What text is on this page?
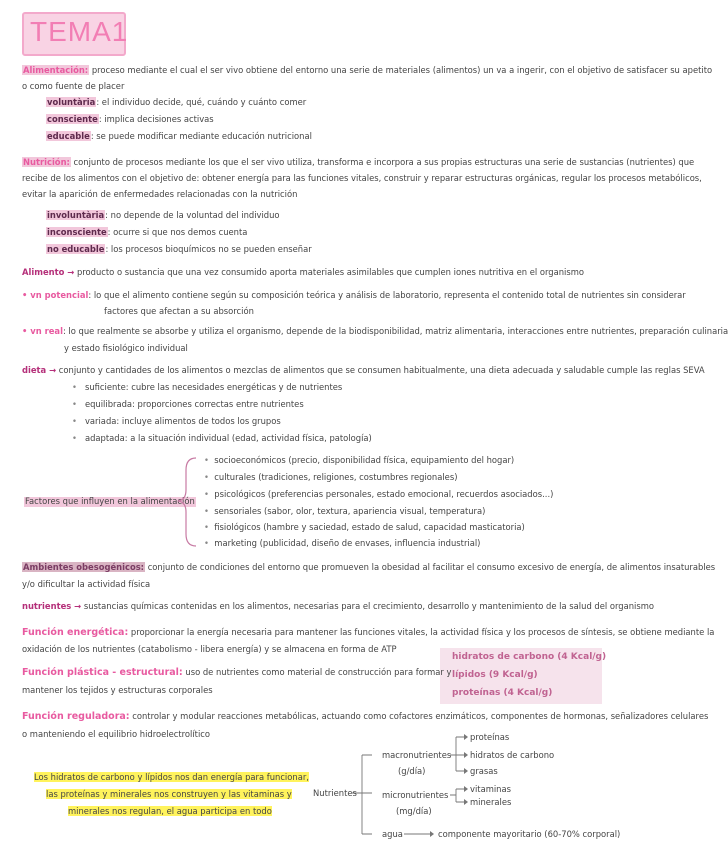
TEMA1
Alimentación: proceso mediante el cual el ser vivo obtiene del entorno una serie de materiales (alimentos) un va a ingerir, con el objetivo de satisfacer su apetito
o como fuente de placer
voluntària: el individuo decide, qué, cuándo y cuánto comer
consciente: implica decisiones activas
educable: se puede modificar mediante educación nutricional
Nutrición: conjunto de procesos mediante los que el ser vivo utiliza, transforma e incorpora a sus propias estructuras una serie de sustancias (nutrientes) que
recibe de los alimentos con el objetivo de: obtener energía para las funciones vitales, construir y reparar estructuras orgánicas, regular los procesos metabólicos,
evitar la aparición de enfermedades relacionadas con la nutrición
involuntària: no depende de la voluntad del individuo
inconsciente: ocurre si que nos demos cuenta
no educable: los procesos bioquímicos no se pueden enseñar
Alimento → producto o sustancia que una vez consumido aporta materiales asimilables que cumplen iones nutritiva en el organismo
• vn potencial: lo que el alimento contiene según su composición teórica y análisis de laboratorio, representa el contenido total de nutrientes sin considerar
factores que afectan a su absorción
• vn real: lo que realmente se absorbe y utiliza el organismo, depende de la biodisponibilidad, matriz alimentaria, interacciones entre nutrientes, preparación culinaria
y estado fisiológico individual
dieta → conjunto y cantidades de los alimentos o mezclas de alimentos que se consumen habitualmente, una dieta adecuada y saludable cumple las reglas SEVA
• suficiente: cubre las necesidades energéticas y de nutrientes
• equilibrada: proporciones correctas entre nutrientes
• variada: incluye alimentos de todos los grupos
• adaptada: a la situación individual (edad, actividad física, patología)
Factores que influyen en la alimentación
• socioeconómicos (precio, disponibilidad física, equipamiento del hogar)
• culturales (tradiciones, religiones, costumbres regionales)
• psicológicos (preferencias personales, estado emocional, recuerdos asociados...)
• sensoriales (sabor, olor, textura, apariencia visual, temperatura)
• fisiológicos (hambre y saciedad, estado de salud, capacidad masticatoria)
• marketing (publicidad, diseño de envases, influencia industrial)
Ambientes obesogénicos: conjunto de condiciones del entorno que promueven la obesidad al facilitar el consumo excesivo de energía, de alimentos insaturables
y/o dificultar la actividad física
nutrientes → sustancias químicas contenidas en los alimentos, necesarias para el crecimiento, desarrollo y mantenimiento de la salud del organismo
Función energética: proporcionar la energía necesaria para mantener las funciones vitales, la actividad física y los procesos de síntesis, se obtiene mediante la
oxidación de los nutrientes (catabolismo - libera energía) y se almacena en forma de ATP
hidratos de carbono (4 Kcal/g)
lípidos (9 Kcal/g)
proteínas (4 Kcal/g)
Función plástica - estructural: uso de nutrientes como material de construcción para formar y
mantener los tejidos y estructuras corporales
Función reguladora: controlar y modular reacciones metabólicas, actuando como cofactores enzimáticos, componentes de hormonas, señalizadores celulares
o manteniendo el equilibrio hidroelectrolítico
Los hidratos de carbono y lípidos nos dan energía para funcionar,
las proteínas y minerales nos construyen y las vitaminas y
minerales nos regulan, el agua participa en todo
Nutrientes
macronutrientes
(g/día)
proteínas
hidratos de carbono
grasas
micronutrientes
(mg/día)
vitaminas
minerales
agua	componente mayoritario (60-70% corporal)
